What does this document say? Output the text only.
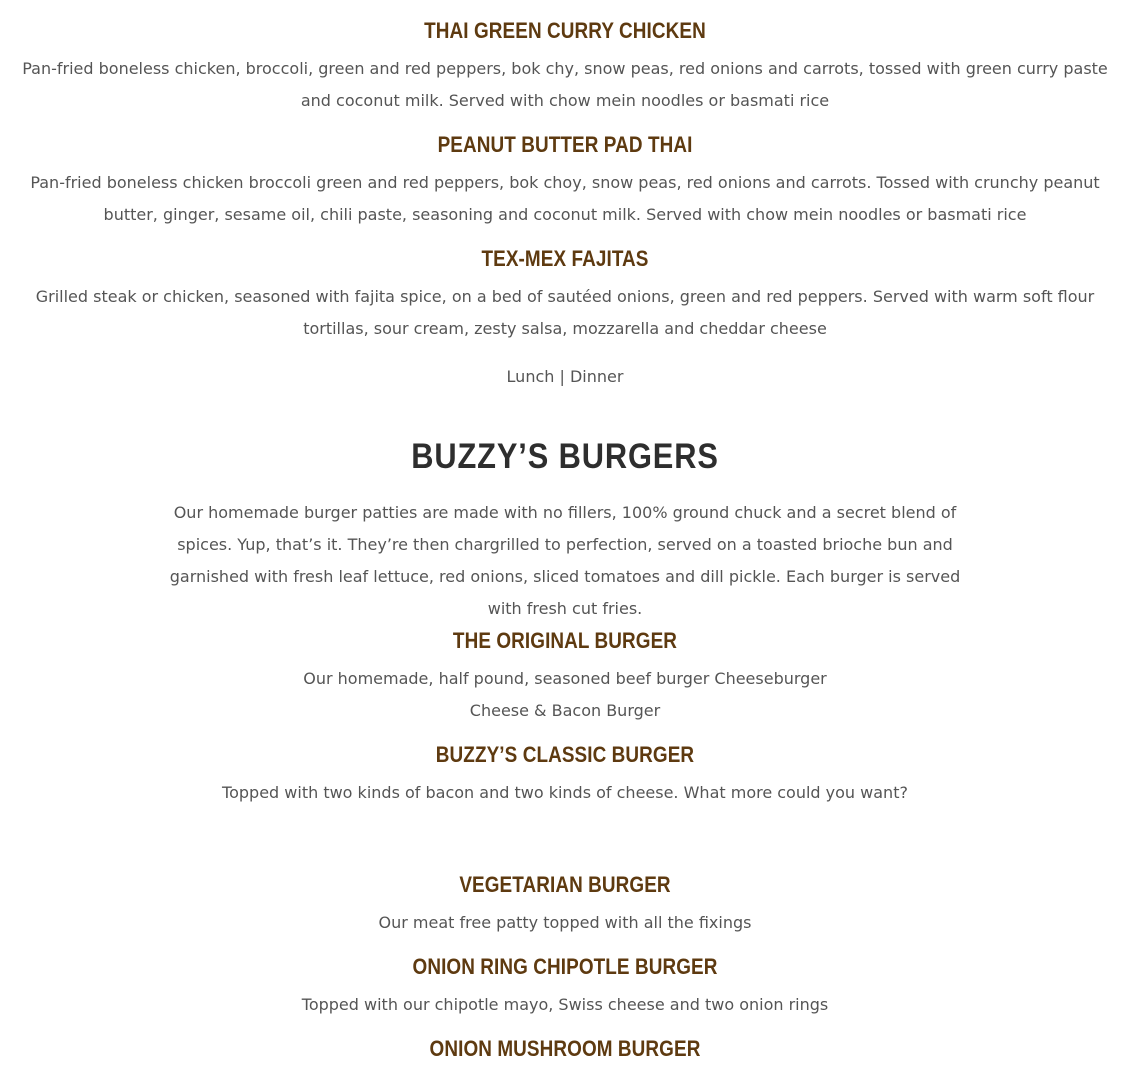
THAI GREEN CURRY CHICKEN

Pan-fried boneless chicken, broccoli, green and red peppers, bok chy, snow peas, red onions and carrots, tossed with green curry paste and coconut milk. Served with chow mein noodles or basmati rice

PEANUT BUTTER PAD THAI

Pan-fried boneless chicken broccoli green and red peppers, bok choy, snow peas, red onions and carrots. Tossed with crunchy peanut butter, ginger, sesame oil, chili paste, seasoning and coconut milk. Served with chow mein noodles or basmati rice

TEX-MEX FAJITAS

Grilled steak or chicken, seasoned with fajita spice, on a bed of sautéed onions, green and red peppers. Served with warm soft flour tortillas, sour cream, zesty salsa, mozzarella and cheddar cheese

Lunch | Dinner

BUZZY’S BURGERS

Our homemade burger patties are made with no fillers, 100% ground chuck and a secret blend of spices. Yup, that’s it. They’re then chargrilled to perfection, served on a toasted brioche bun and garnished with fresh leaf lettuce, red onions, sliced tomatoes and dill pickle. Each burger is served with fresh cut fries.

THE ORIGINAL BURGER

Our homemade, half pound, seasoned beef burger Cheeseburger

Cheese & Bacon Burger

BUZZY’S CLASSIC BURGER

Topped with two kinds of bacon and two kinds of cheese. What more could you want?

VEGETARIAN BURGER

Our meat free patty topped with all the fixings

ONION RING CHIPOTLE BURGER

Topped with our chipotle mayo, Swiss cheese and two onion rings

ONION MUSHROOM BURGER
